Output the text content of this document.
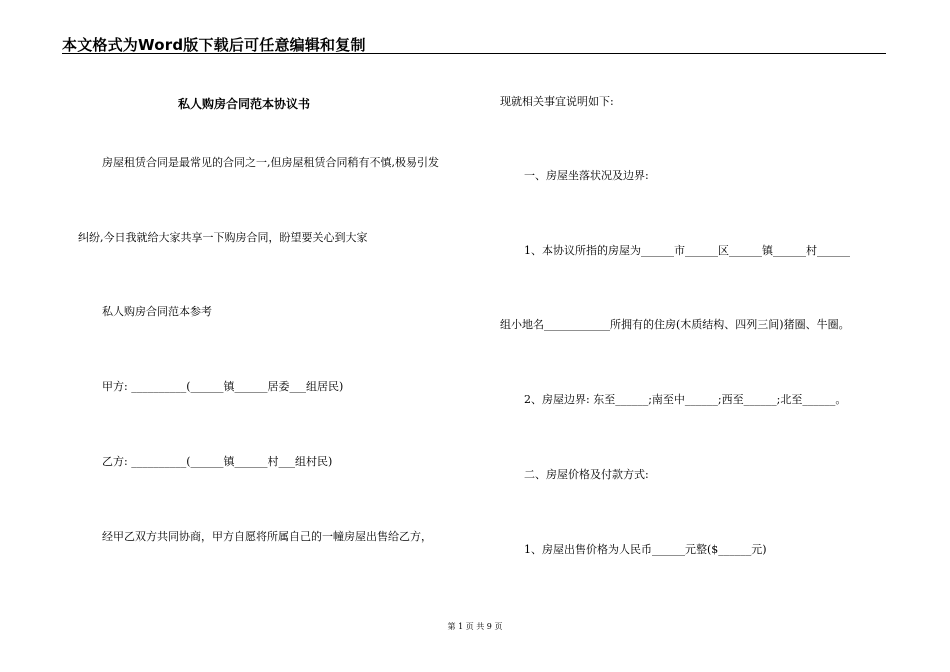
本文格式为Word版下载后可任意编辑和复制
私人购房合同范本协议书
房屋租赁合同是最常见的合同之一,但房屋租赁合同稍有不慎,极易引发
纠纷,今日我就给大家共享一下购房合同，盼望要关心到大家
私人购房合同范本参考
甲方: __________(______镇______居委___组居民)
乙方: __________(______镇______村___组村民)
经甲乙双方共同协商，甲方自愿将所属自己的一幢房屋出售给乙方，
现就相关事宜说明如下:
一、房屋坐落状况及边界:
1、本协议所指的房屋为______市______区______镇______村______
组小地名____________所拥有的住房(木质结构、四列三间)猪圈、牛圈。
2、房屋边界: 东至______;南至中______;西至______;北至______。
二、房屋价格及付款方式:
1、房屋出售价格为人民币______元整($______元)
第 1 页 共 9 页
